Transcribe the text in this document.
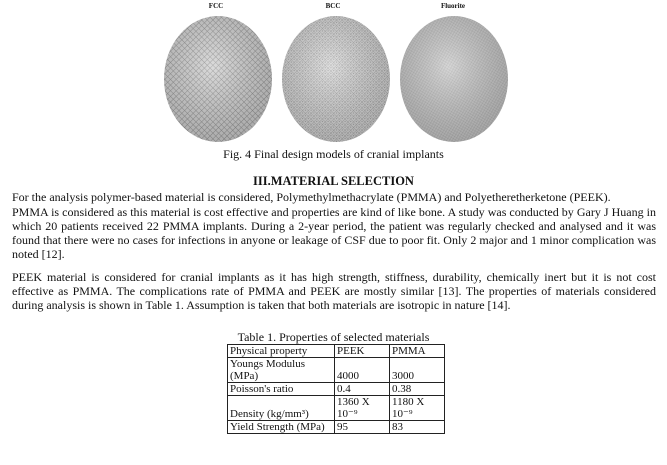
FCC	BCC	Fluorite
Fig. 4 Final design models of cranial implants
III.MATERIAL SELECTION

For the analysis polymer-based material is considered, Polymethylmethacrylate (PMMA) and Polyetheretherketone (PEEK).

PMMA is considered as this material is cost effective and properties are kind of like bone. A study was conducted by Gary J Huang in which 20 patients received 22 PMMA implants. During a 2-year period, the patient was regularly checked and analysed and it was found that there were no cases for infections in anyone or leakage of CSF due to poor fit. Only 2 major and 1 minor complication was noted [12].

PEEK material is considered for cranial implants as it has high strength, stiffness, durability, chemically inert but it is not cost effective as PMMA. The complications rate of PMMA and PEEK are mostly similar [13]. The properties of materials considered during analysis is shown in Table 1. Assumption is taken that both materials are isotropic in nature [14].

Table 1. Properties of selected materials
Physical property	PEEK	PMMA
Youngs Modulus (MPa)	4000	3000
Poisson's ratio	0.4	0.38
Density (kg/mm³)	1360 X 10⁻⁹	1180 X 10⁻⁹
Yield Strength (MPa)	95	83
